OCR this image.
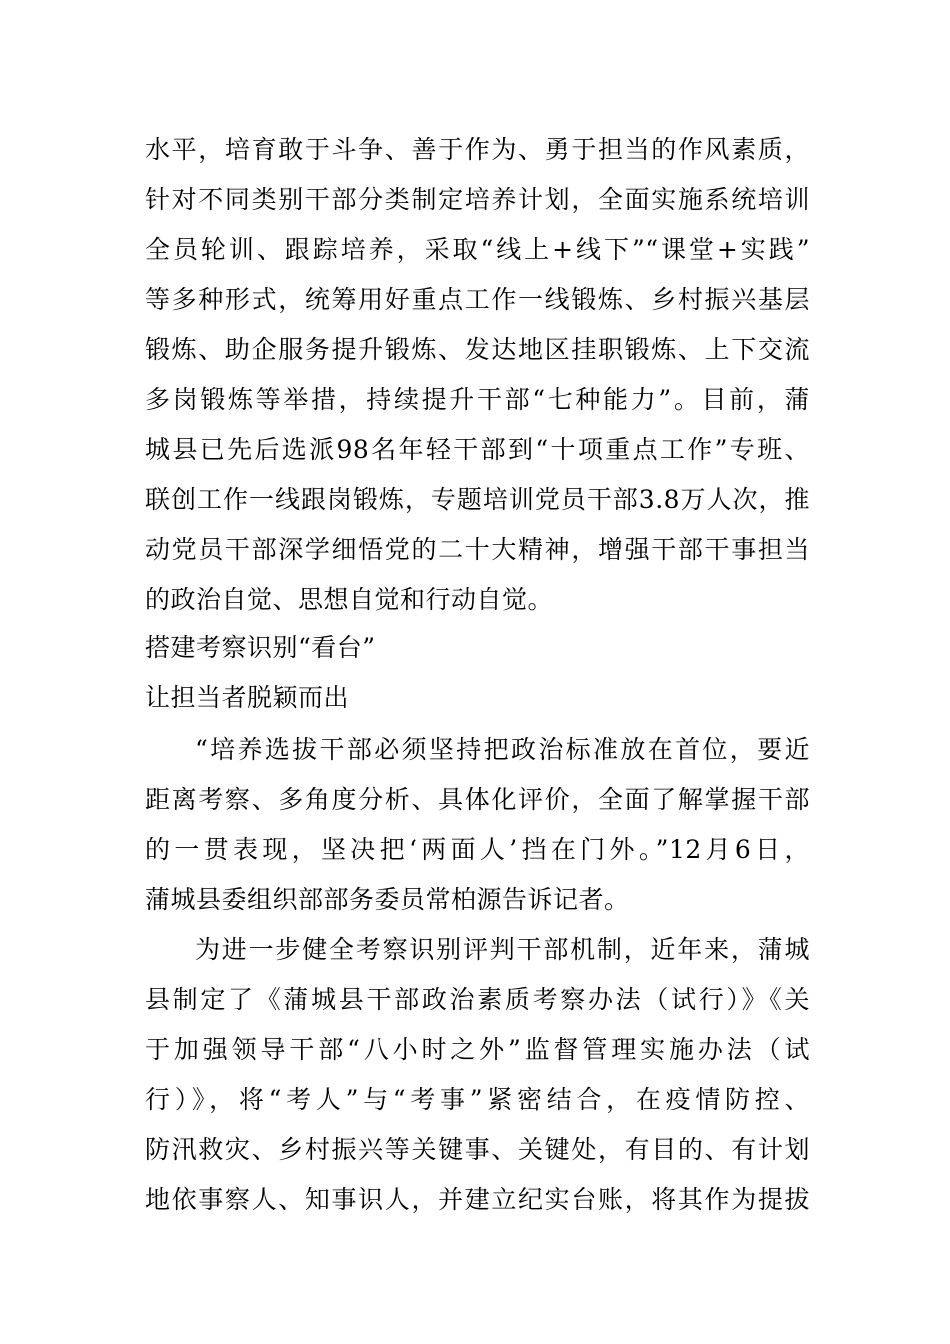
水平，培育敢于斗争、善于作为、勇于担当的作风素质，
针对不同类别干部分类制定培养计划，全面实施系统培训
全员轮训、跟踪培养，采取“线上+线下”“课堂+实践”
等多种形式，统筹用好重点工作一线锻炼、乡村振兴基层
锻炼、助企服务提升锻炼、发达地区挂职锻炼、上下交流
多岗锻炼等举措，持续提升干部“七种能力”。目前，蒲
城县已先后选派98名年轻干部到“十项重点工作”专班、
联创工作一线跟岗锻炼，专题培训党员干部3.8万人次，推
动党员干部深学细悟党的二十大精神，增强干部干事担当
的政治自觉、思想自觉和行动自觉。
搭建考察识别“看台”
让担当者脱颖而出
“培养选拔干部必须坚持把政治标准放在首位，要近
距离考察、多角度分析、具体化评价，全面了解掌握干部
的一贯表现，坚决把‘两面人’挡在门外。”12月6日，
蒲城县委组织部部务委员常柏源告诉记者。
为进一步健全考察识别评判干部机制，近年来，蒲城
县制定了《蒲城县干部政治素质考察办法（试行）》《关
于加强领导干部“八小时之外”监督管理实施办法（试
行）》，将“考人”与“考事”紧密结合，在疫情防控、
防汛救灾、乡村振兴等关键事、关键处，有目的、有计划
地依事察人、知事识人，并建立纪实台账，将其作为提拔
